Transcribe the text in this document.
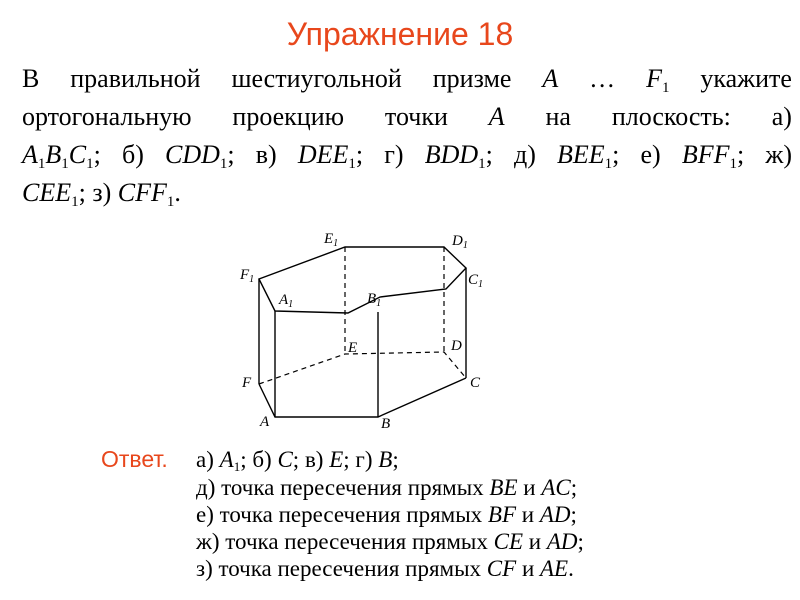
Упражнение 18
В правильной шестиугольной призме A … $F_1$ укажите
ортогональную проекцию точки A на плоскость: а)
$A_1B_1C_1$; б) $CDD_1$; в) $DEE_1$; г) $BDD_1$; д) $BEE_1$; е) $BFF_1$; ж)
$CEE_1$;
з)
$CFF_1$.
$E_1$	$D_1$
$F_1$	$C_1$
$A_1$	$B_1$
E	D
F	C
A	B
Ответ. а) $A_1$; б) C; в) E; г) B;
д) точка пересечения прямых BE и AC;
е) точка пересечения прямых BF и AD;
ж) точка пересечения прямых CE и AD;
з) точка пересечения прямых CF и AE.
